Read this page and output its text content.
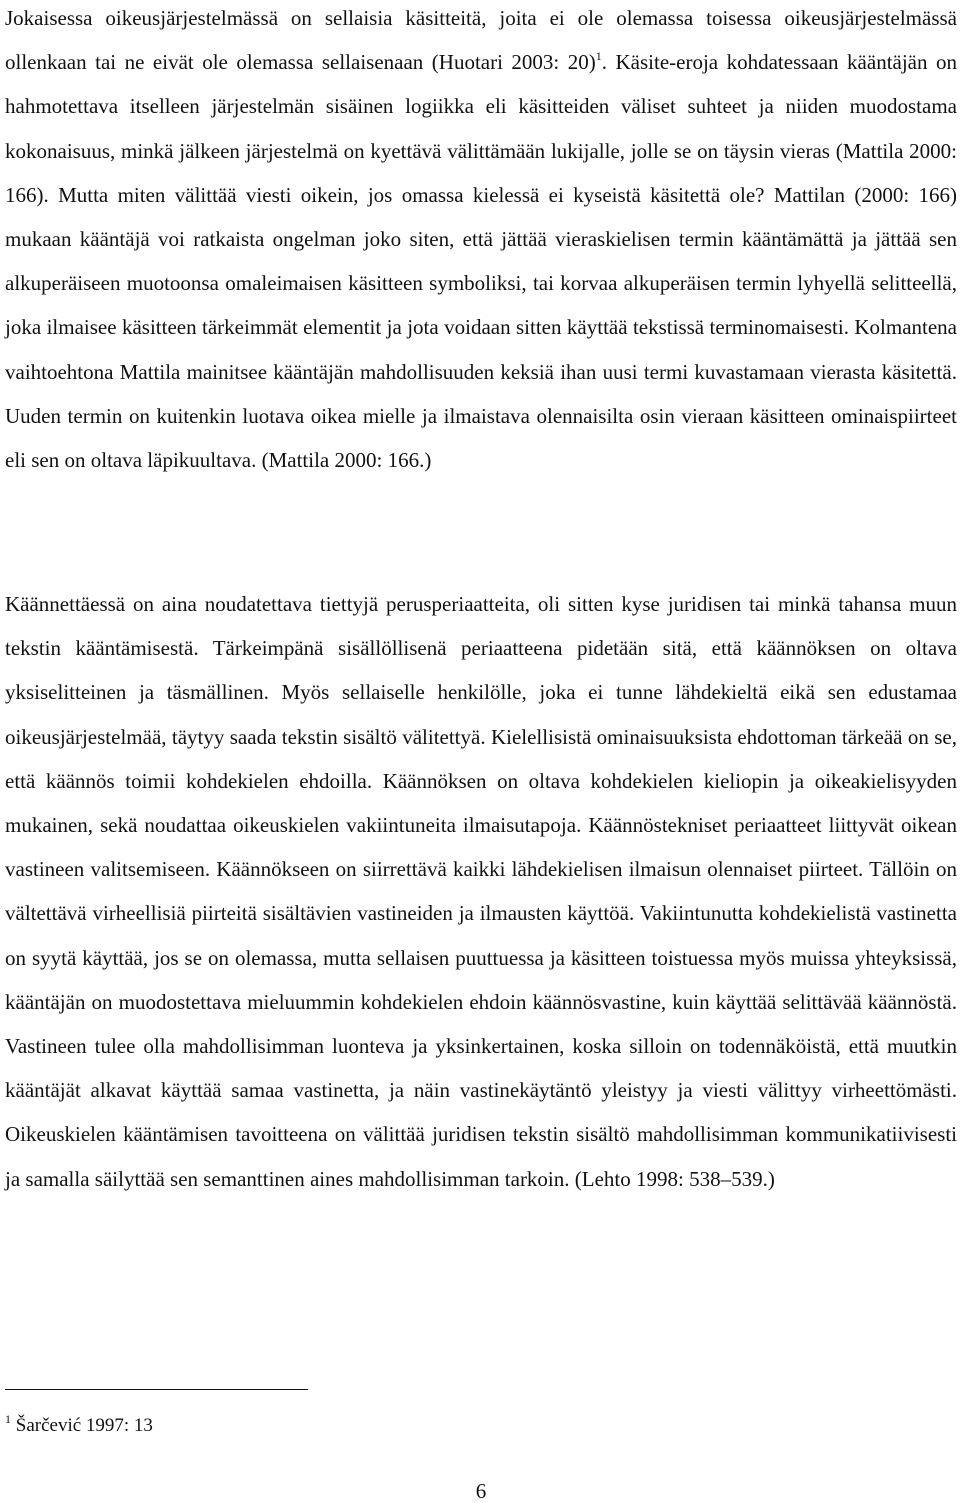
Jokaisessa oikeusjärjestelmässä on sellaisia käsitteitä, joita ei ole olemassa toisessa oikeusjärjestelmässä ollenkaan tai ne eivät ole olemassa sellaisenaan (Huotari 2003: 20)$^1$. Käsite-eroja kohdatessaan kääntäjän on hahmotettava itselleen järjestelmän sisäinen logiikka eli käsitteiden väliset suhteet ja niiden muodostama kokonaisuus, minkä jälkeen järjestelmä on kyettävä välittämään lukijalle, jolle se on täysin vieras (Mattila 2000: 166). Mutta miten välittää viesti oikein, jos omassa kielessä ei kyseistä käsitettä ole? Mattilan (2000: 166) mukaan kääntäjä voi ratkaista ongelman joko siten, että jättää vieraskielisen termin kääntämättä ja jättää sen alkuperäiseen muotoonsa omaleimaisen käsitteen symboliksi, tai korvaa alkuperäisen termin lyhyellä selitteellä, joka ilmaisee käsitteen tärkeimmät elementit ja jota voidaan sitten käyttää tekstissä terminomaisesti. Kolmantena vaihtoehtona Mattila mainitsee kääntäjän mahdollisuuden keksiä ihan uusi termi kuvastamaan vierasta käsitettä. Uuden termin on kuitenkin luotava oikea mielle ja ilmaistava olennaisilta osin vieraan käsitteen ominaispiirteet eli sen on oltava läpikuultava. (Mattila 2000: 166.)

Käännettäessä on aina noudatettava tiettyjä perusperiaatteita, oli sitten kyse juridisen tai minkä tahansa muun tekstin kääntämisestä. Tärkeimpänä sisällöllisenä periaatteena pidetään sitä, että käännöksen on oltava yksiselitteinen ja täsmällinen. Myös sellaiselle henkilölle, joka ei tunne lähdekieltä eikä sen edustamaa oikeusjärjestelmää, täytyy saada tekstin sisältö välitettyä. Kielellisistä ominaisuuksista ehdottoman tärkeää on se, että käännös toimii kohdekielen ehdoilla. Käännöksen on oltava kohdekielen kieliopin ja oikeakielisyyden mukainen, sekä noudattaa oikeuskielen vakiintuneita ilmaisutapoja. Käännöstekniset periaatteet liittyvät oikean vastineen valitsemiseen. Käännökseen on siirrettävä kaikki lähdekielisen ilmaisun olennaiset piirteet. Tällöin on vältettävä virheellisiä piirteitä sisältävien vastineiden ja ilmausten käyttöä. Vakiintunutta kohdekielistä vastinetta on syytä käyttää, jos se on olemassa, mutta sellaisen puuttuessa ja käsitteen toistuessa myös muissa yhteyksissä, kääntäjän on muodostettava mieluummin kohdekielen ehdoin käännösvastine, kuin käyttää selittävää käännöstä. Vastineen tulee olla mahdollisimman luonteva ja yksinkertainen, koska silloin on todennäköistä, että muutkin kääntäjät alkavat käyttää samaa vastinetta, ja näin vastinekäytäntö yleistyy ja viesti välittyy virheettömästi. Oikeuskielen kääntämisen tavoitteena on välittää juridisen tekstin sisältö mahdollisimman kommunikatiivisesti ja samalla säilyttää sen semanttinen aines mahdollisimman tarkoin. (Lehto 1998: 538–539.)

$^1$ Šarčević 1997: 13
6
